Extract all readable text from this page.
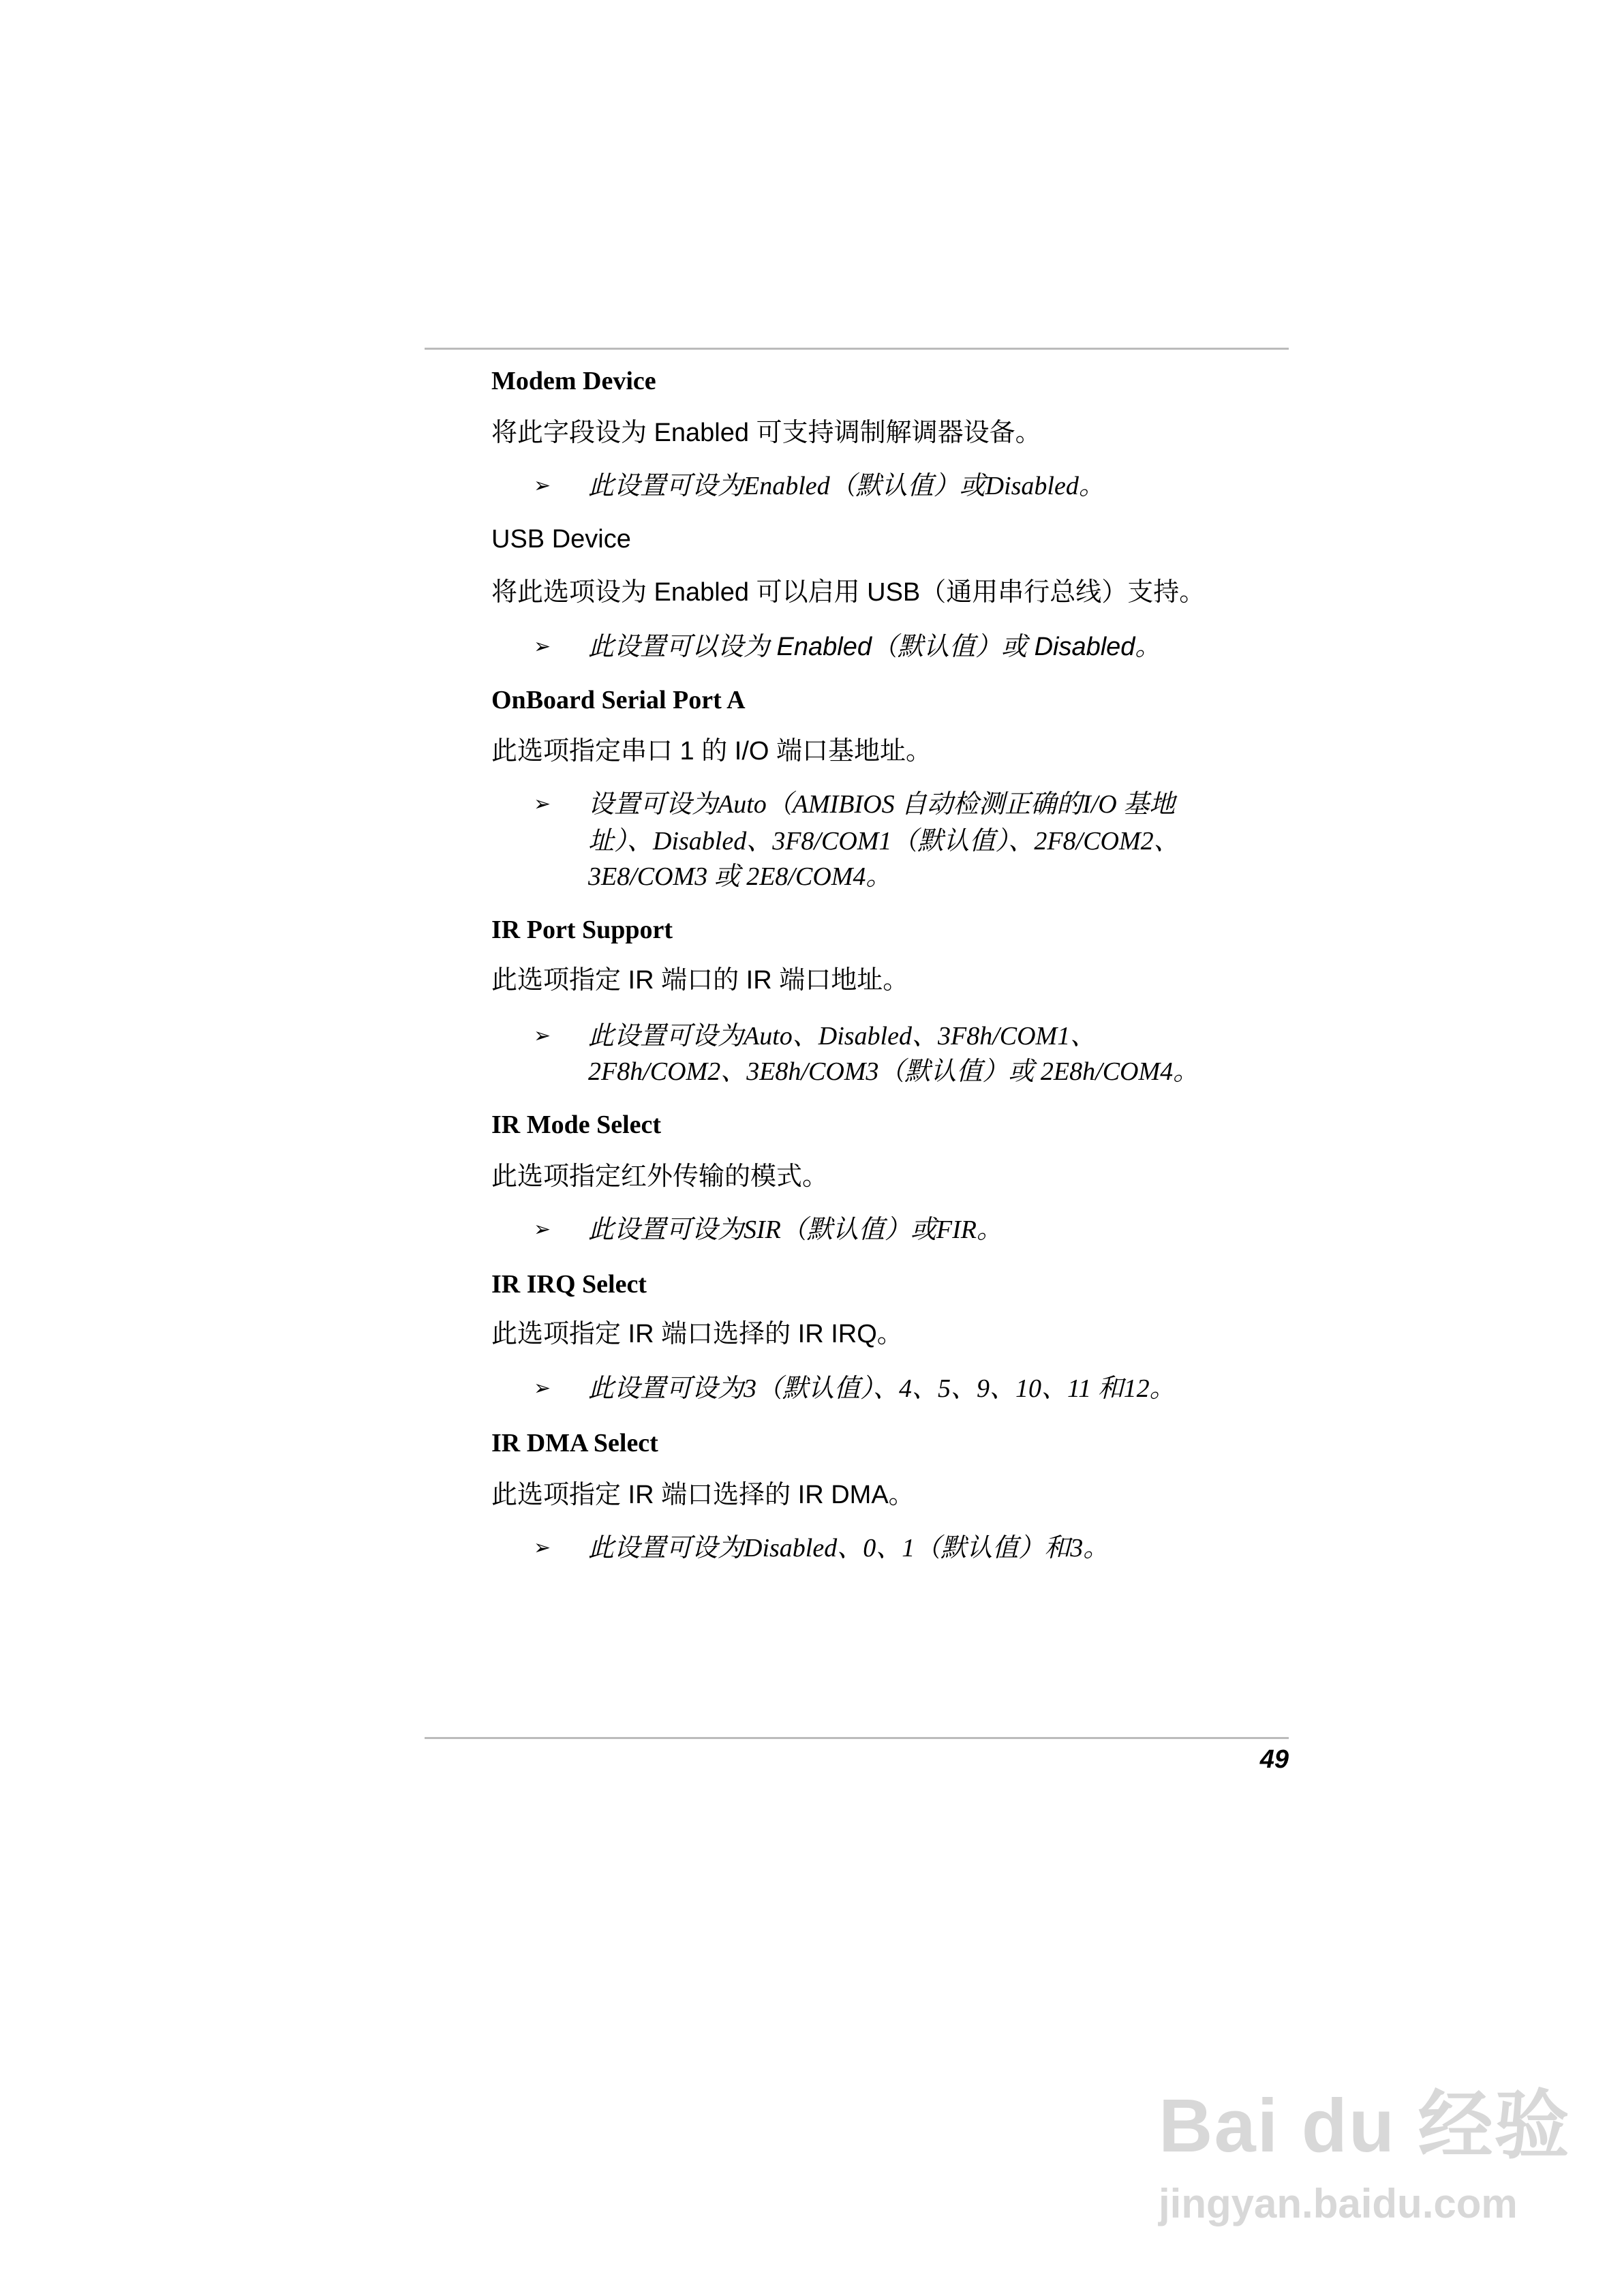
Modem Device
将此字段设为 Enabled 可支持调制解调器设备。
➢ 此设置可设为Enabled（默认值）或Disabled。
USB Device
将此选项设为 Enabled 可以启用 USB（通用串行总线）支持。
➢ 此设置可以设为 Enabled（默认值）或 Disabled。
OnBoard Serial Port A
此选项指定串口 1 的 I/O 端口基地址。
➢ 设置可设为Auto（AMIBIOS 自动检测正确的I/O 基地
址）、Disabled、3F8/COM1（默认值）、2F8/COM2、
3E8/COM3 或 2E8/COM4。
IR Port Support
此选项指定 IR 端口的 IR 端口地址。
➢ 此设置可设为Auto、Disabled、3F8h/COM1、
2F8h/COM2、3E8h/COM3（默认值）或 2E8h/COM4。
IR Mode Select
此选项指定红外传输的模式。
➢ 此设置可设为SIR（默认值）或FIR。
IR IRQ Select
此选项指定 IR 端口选择的 IR IRQ。
➢ 此设置可设为3（默认值）、4、5、9、10、11 和12。
IR DMA Select
此选项指定 IR 端口选择的 IR DMA。
➢ 此设置可设为Disabled、0、1（默认值）和3。
49
Bai du 经验
jingyan.baidu.com
